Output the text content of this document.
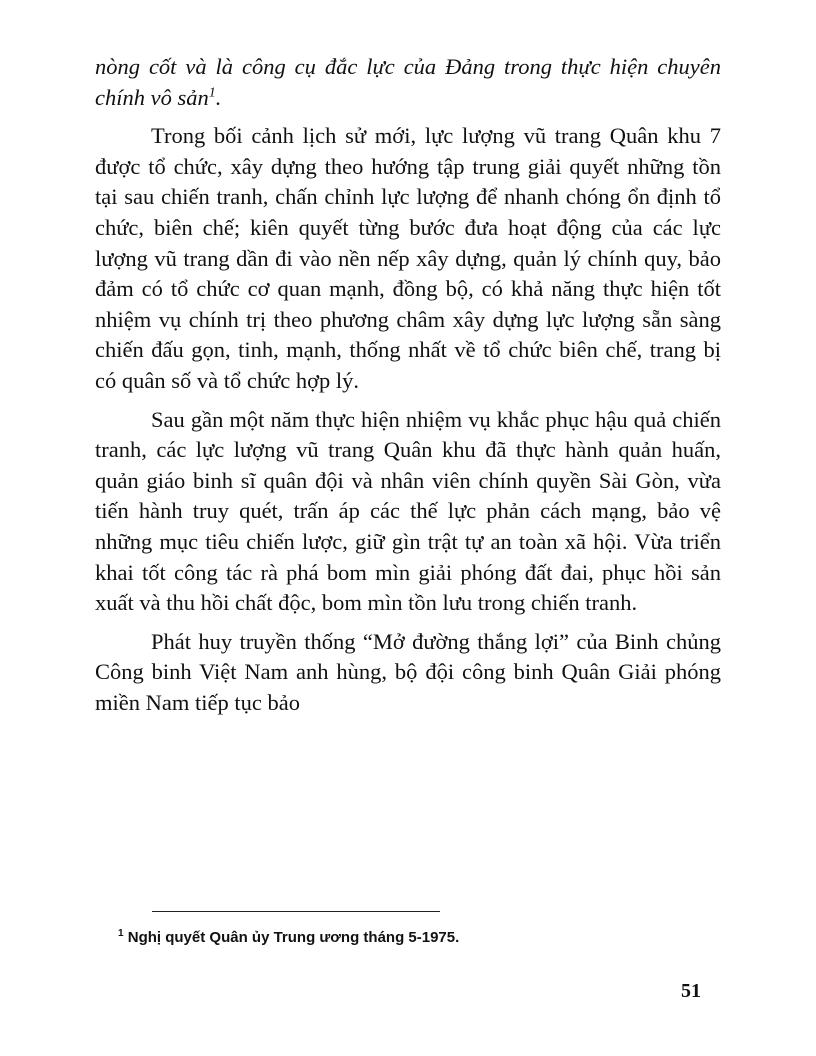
nòng cốt và là công cụ đắc lực của Đảng trong thực hiện chuyên chính vô sản$^1$.

Trong bối cảnh lịch sử mới, lực lượng vũ trang Quân khu 7 được tổ chức, xây dựng theo hướng tập trung giải quyết những tồn tại sau chiến tranh, chấn chỉnh lực lượng để nhanh chóng ổn định tổ chức, biên chế; kiên quyết từng bước đưa hoạt động của các lực lượng vũ trang dần đi vào nền nếp xây dựng, quản lý chính quy, bảo đảm có tổ chức cơ quan mạnh, đồng bộ, có khả năng thực hiện tốt nhiệm vụ chính trị theo phương châm xây dựng lực lượng sẵn sàng chiến đấu gọn, tinh, mạnh, thống nhất về tổ chức biên chế, trang bị có quân số và tổ chức hợp lý.

Sau gần một năm thực hiện nhiệm vụ khắc phục hậu quả chiến tranh, các lực lượng vũ trang Quân khu đã thực hành quản huấn, quản giáo binh sĩ quân đội và nhân viên chính quyền Sài Gòn, vừa tiến hành truy quét, trấn áp các thế lực phản cách mạng, bảo vệ những mục tiêu chiến lược, giữ gìn trật tự an toàn xã hội. Vừa triển khai tốt công tác rà phá bom mìn giải phóng đất đai, phục hồi sản xuất và thu hồi chất độc, bom mìn tồn lưu trong chiến tranh.

Phát huy truyền thống “Mở đường thắng lợi” của Binh chủng Công binh Việt Nam anh hùng, bộ đội công binh Quân Giải phóng miền Nam tiếp tục bảo

$^1$ Nghị quyết Quân ủy Trung ương tháng 5-1975.
51
